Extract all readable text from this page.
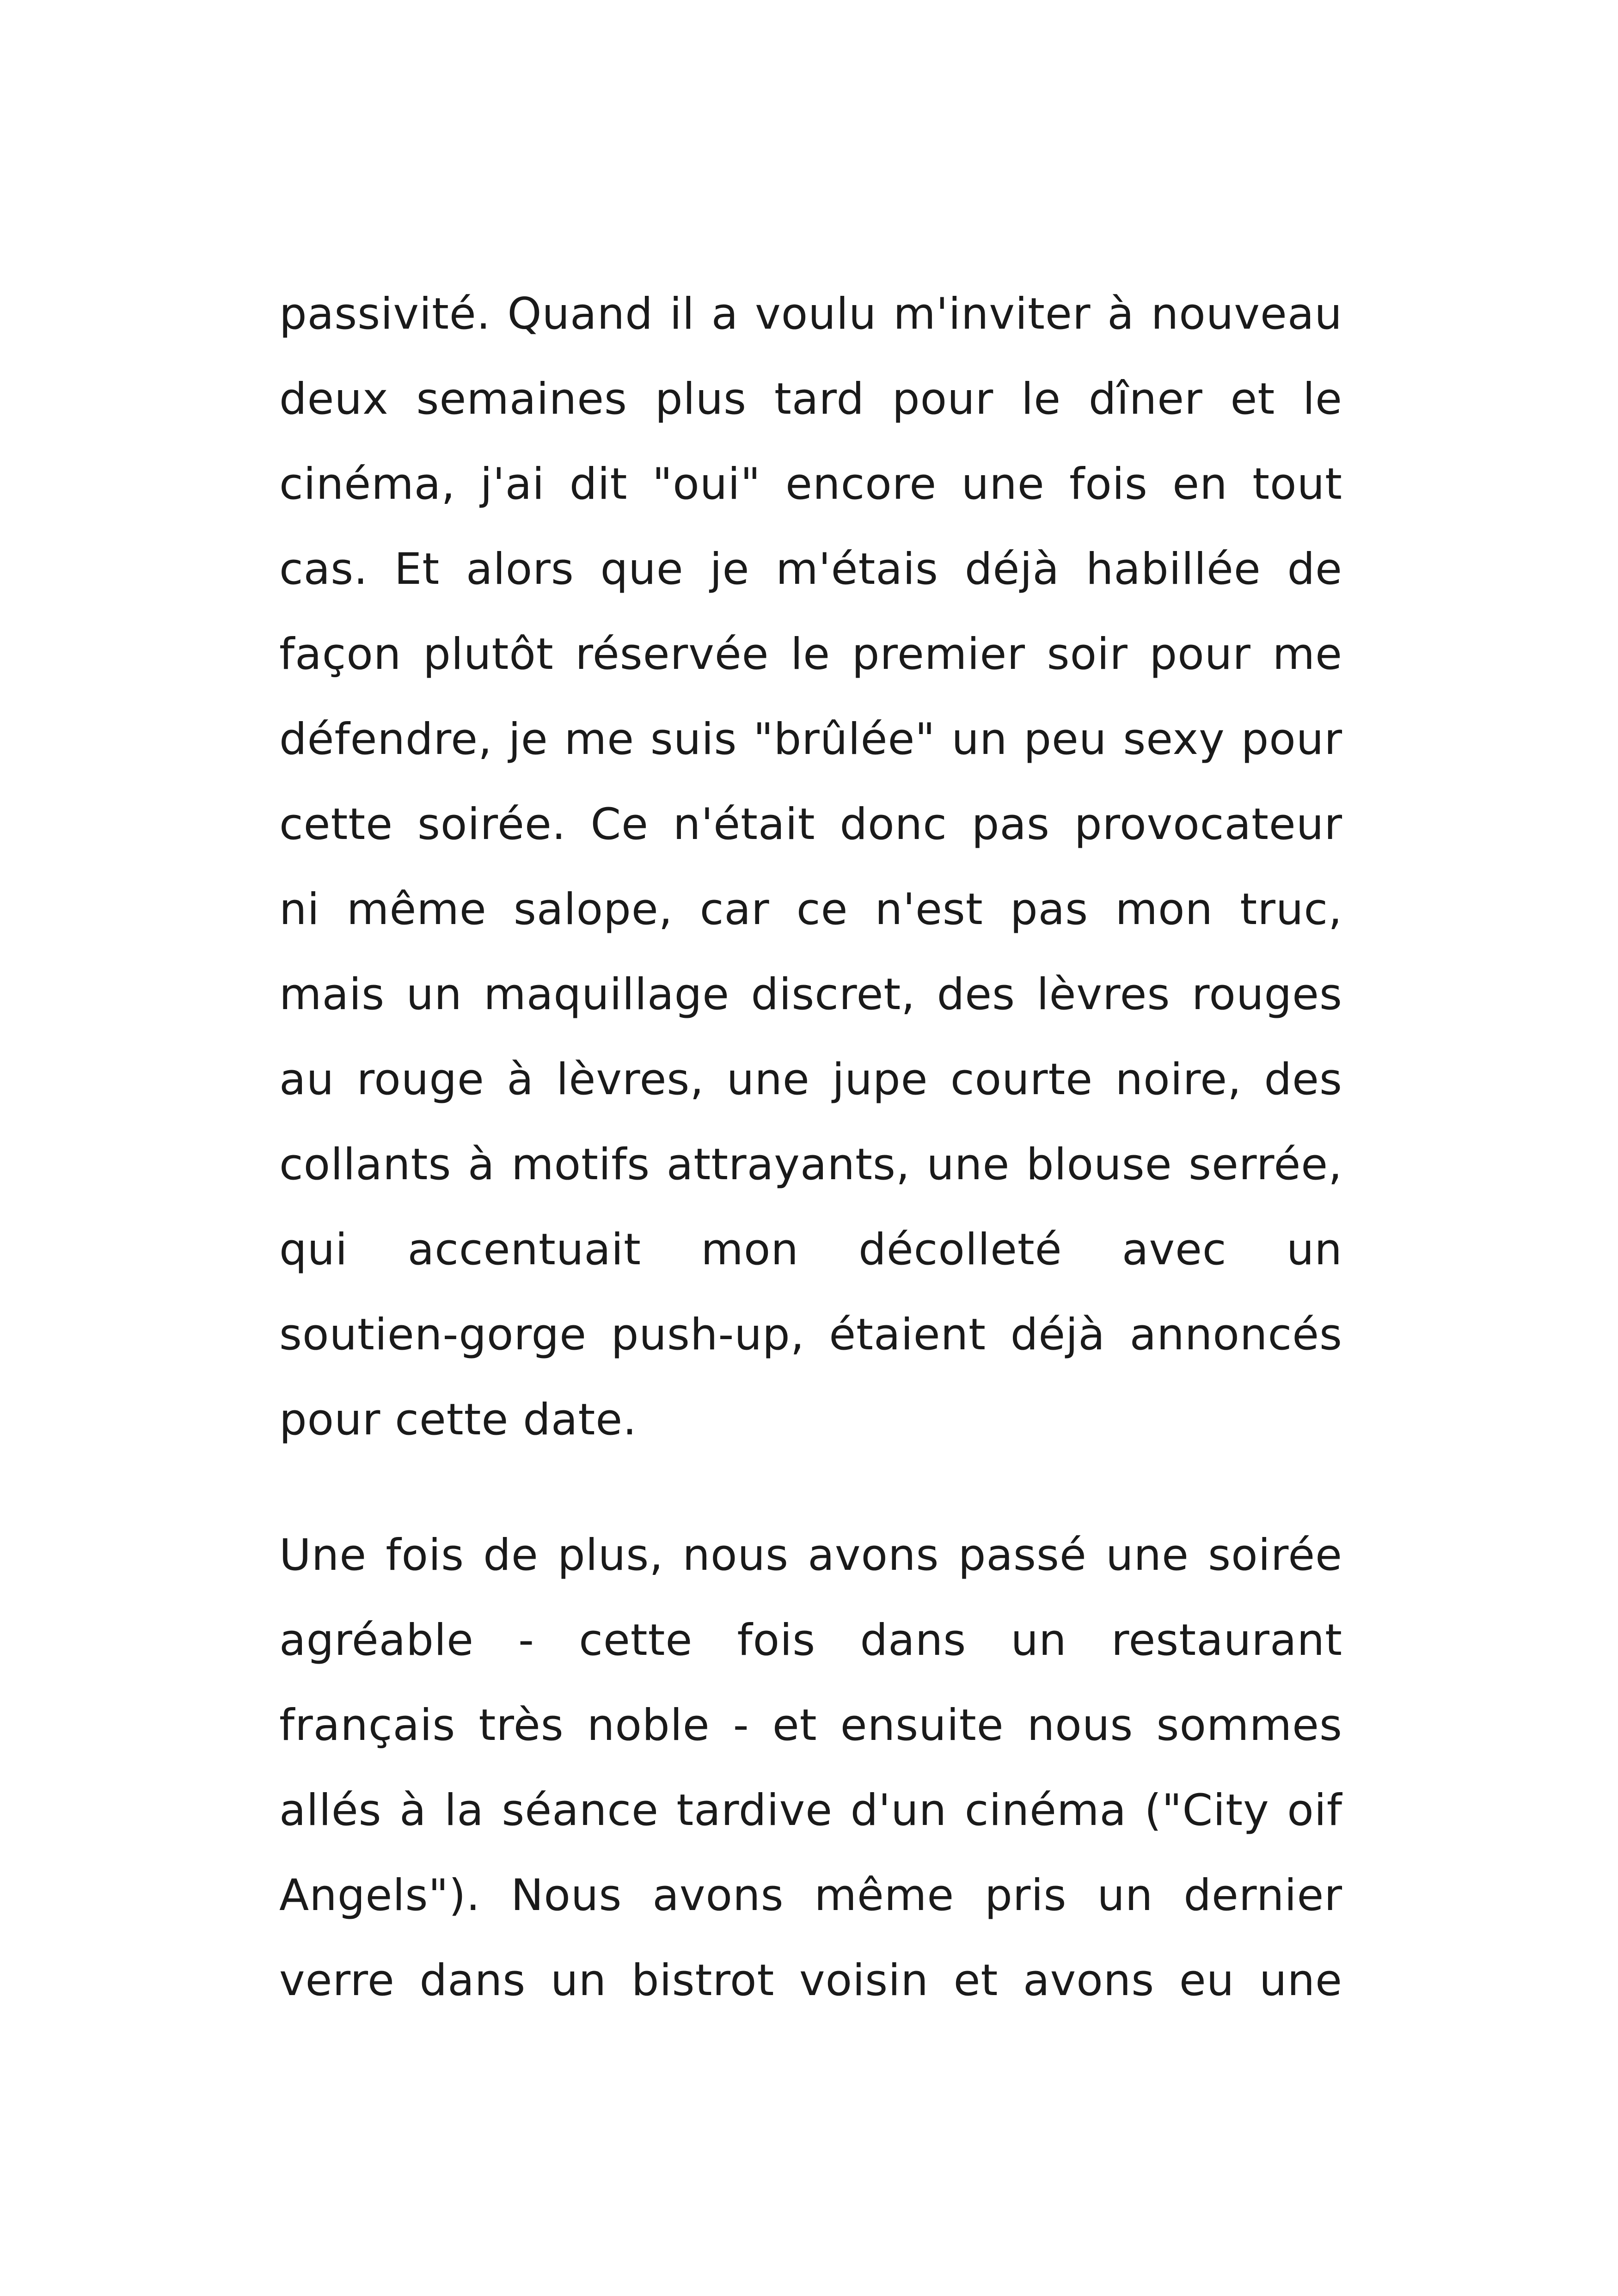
passivité. Quand il a voulu m'inviter à nouveau
deux semaines plus tard pour le dîner et le
cinéma, j'ai dit "oui" encore une fois en tout
cas. Et alors que je m'étais déjà habillée de
façon plutôt réservée le premier soir pour me
défendre, je me suis "brûlée" un peu sexy pour
cette soirée. Ce n'était donc pas provocateur
ni même salope, car ce n'est pas mon truc,
mais un maquillage discret, des lèvres rouges
au rouge à lèvres, une jupe courte noire, des
collants à motifs attrayants, une blouse serrée,
qui accentuait mon décolleté avec un
soutien-gorge push-up, étaient déjà annoncés
pour cette date.
Une fois de plus, nous avons passé une soirée
agréable - cette fois dans un restaurant
français très noble - et ensuite nous sommes
allés à la séance tardive d'un cinéma ("City oif
Angels"). Nous avons même pris un dernier
verre dans un bistrot voisin et avons eu une
